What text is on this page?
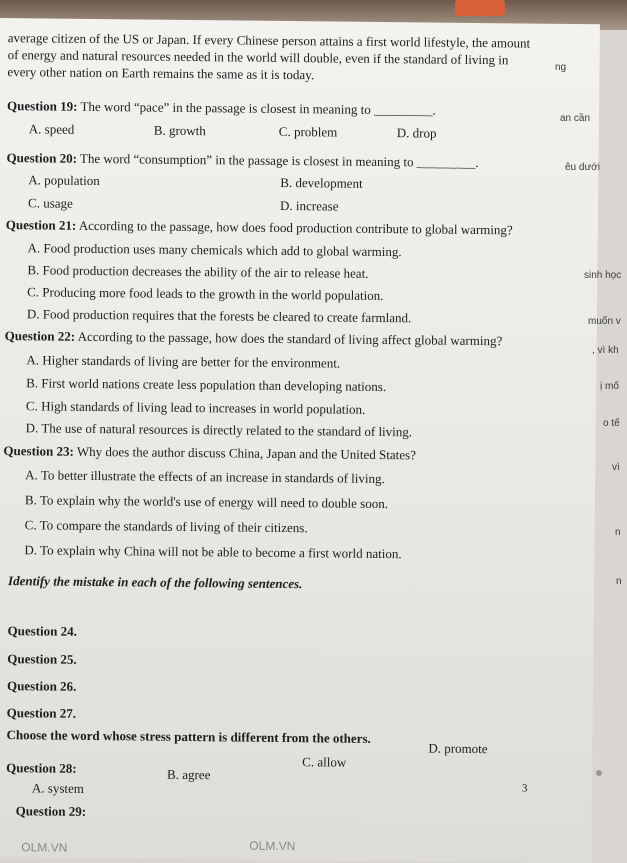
average citizen of the US or Japan. If every Chinese person attains a first world lifestyle, the amount
of energy and natural resources needed in the world will double, even if the standard of living in
every other nation on Earth remains the same as it is today.
Question 19: The word “pace” in the passage is closest in meaning to _________.
A. speed	B. growth	C. problem	D. drop
Question 20: The word “consumption” in the passage is closest in meaning to _________.
A. population	B. development
C. usage	D. increase
Question 21: According to the passage, how does food production contribute to global warming?
A. Food production uses many chemicals which add to global warming.
B. Food production decreases the ability of the air to release heat.
C. Producing more food leads to the growth in the world population.
D. Food production requires that the forests be cleared to create farmland.
Question 22: According to the passage, how does the standard of living affect global warming?
A. Higher standards of living are better for the environment.
B. First world nations create less population than developing nations.
C. High standards of living lead to increases in world population.
D. The use of natural resources is directly related to the standard of living.
Question 23: Why does the author discuss China, Japan and the United States?
A. To better illustrate the effects of an increase in standards of living.
B. To explain why the world's use of energy will need to double soon.
C. To compare the standards of living of their citizens.
D. To explain why China will not be able to become a first world nation.
Identify the mistake in each of the following sentences.
Question 24.
Question 25.
Question 26.
Question 27.
Choose the word whose stress pattern is different from the others.
Question 28:
A. system
B. agree
C. allow
D. promote
3
Question 29:
OLM.VN	OLM.VN
ng
an cần
êu dưới
sinh học
muốn v
, vì kh
ị mố
o tế
vì
n
n
